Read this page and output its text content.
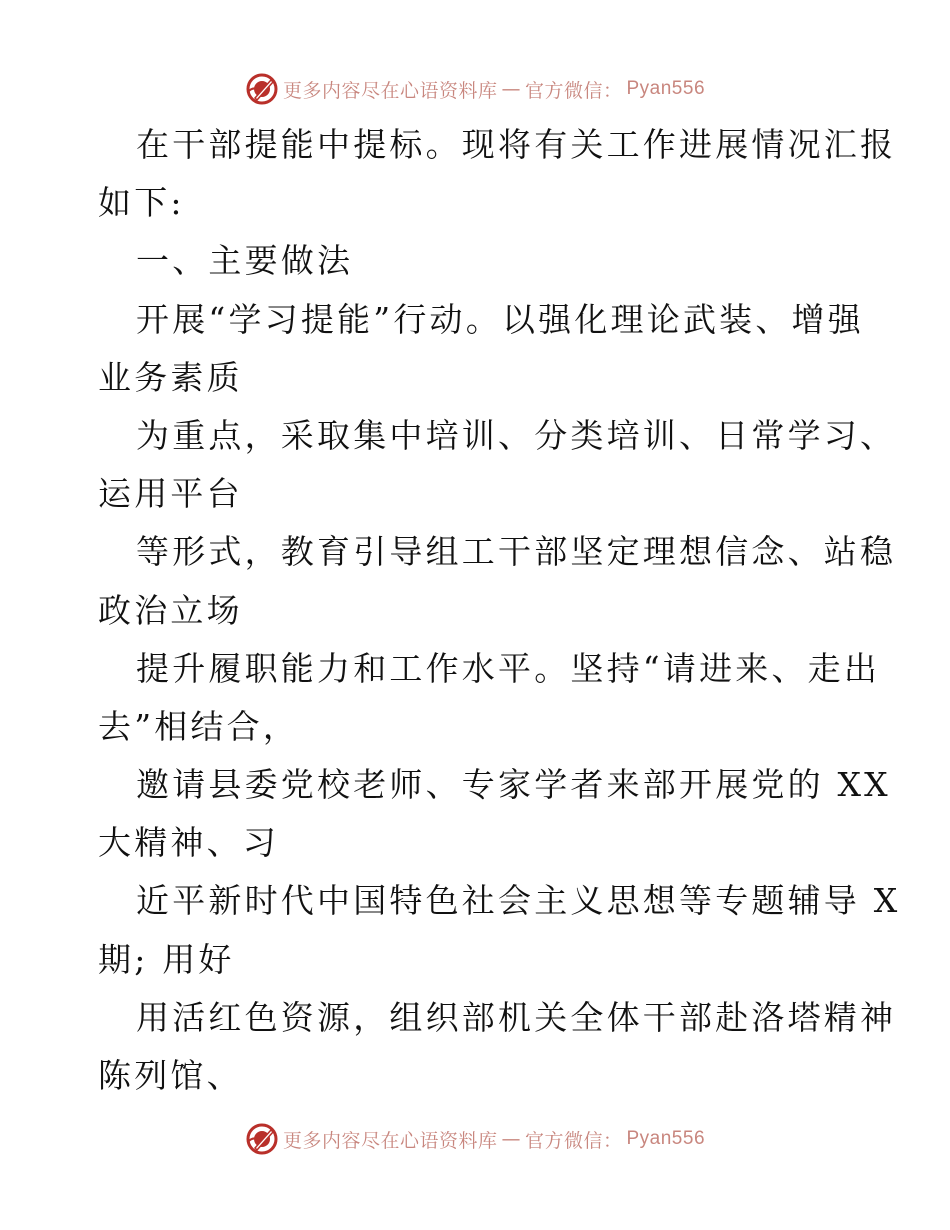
更多内容尽在心语资料库 — 官方微信： Pyan556
在干部提能中提标。现将有关工作进展情况汇报
如下:
一、主要做法
开展“学习提能”行动。以强化理论武装、增强
业务素质
为重点，采取集中培训、分类培训、日常学习、
运用平台
等形式，教育引导组工干部坚定理想信念、站稳
政治立场
提升履职能力和工作水平。坚持“请进来、走出
去”相结合，
邀请县委党校老师、专家学者来部开展党的 XX
大精神、习
近平新时代中国特色社会主义思想等专题辅导 X
期; 用好
用活红色资源，组织部机关全体干部赴洛塔精神
陈列馆、
更多内容尽在心语资料库 — 官方微信： Pyan556
